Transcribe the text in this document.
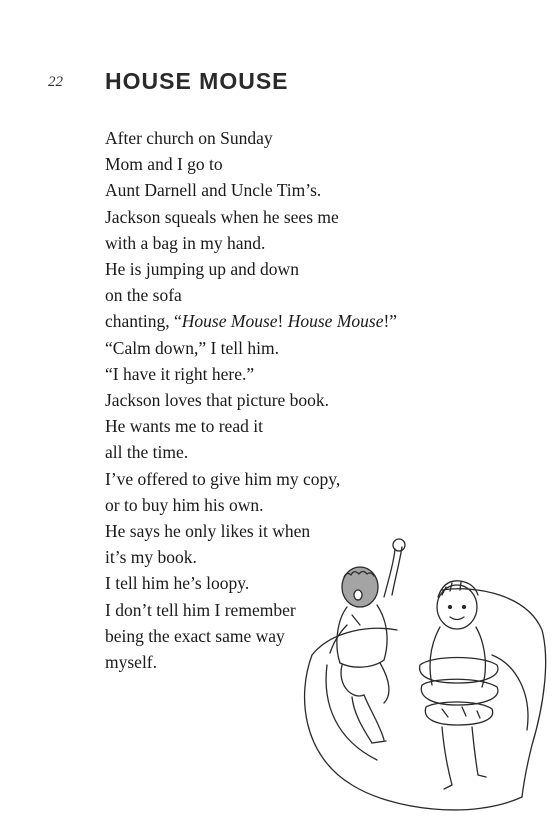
22 HOUSE MOUSE
After church on Sunday
Mom and I go to
Aunt Darnell and Uncle Tim’s.
Jackson squeals when he sees me
with a bag in my hand.
He is jumping up and down
on the sofa
chanting, “House Mouse! House Mouse!”
“Calm down,” I tell him.
“I have it right here.”
Jackson loves that picture book.
He wants me to read it
all the time.
I’ve offered to give him my copy,
or to buy him his own.
He says he only likes it when
it’s my book.
I tell him he’s loopy.
I don’t tell him I remember
being the exact same way
myself.
